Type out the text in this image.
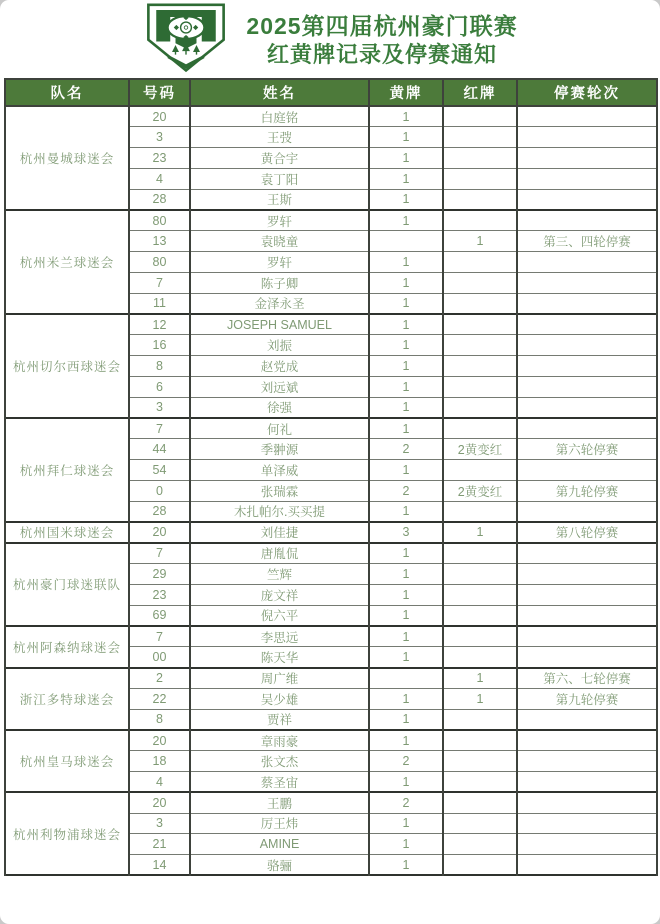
2025第四届杭州豪门联赛
红黄牌记录及停赛通知
队名	号码	姓名	黄牌	红牌	停赛轮次
杭州曼城球迷会	20	白庭铭	1		
	3	王弢	1		
	23	黄合宇	1		
	4	袁丁阳	1		
	28	王斯	1		
杭州米兰球迷会	80	罗轩	1		
	13	袁晓童		1	第三、四轮停赛
	80	罗轩	1		
	7	陈子卿	1		
	11	金泽永圣	1		
杭州切尔西球迷会	12	JOSEPH SAMUEL	1		
	16	刘振	1		
	8	赵党成	1		
	6	刘远斌	1		
	3	徐强	1		
杭州拜仁球迷会	7	何礼	1		
	44	季翀源	2	2黄变红	第六轮停赛
	54	单泽威	1		
	0	张瑞霖	2	2黄变红	第九轮停赛
	28	木扎帕尔.买买提	1		
杭州国米球迷会	20	刘佳捷	3	1	第八轮停赛
杭州豪门球迷联队	7	唐胤侃	1		
	29	竺辉	1		
	23	庞文祥	1		
	69	倪六平	1		
杭州阿森纳球迷会	7	李思远	1		
	00	陈天华	1		
浙江多特球迷会	2	周广维		1	第六、七轮停赛
	22	吴少雄	1	1	第九轮停赛
	8	贾祥	1		
杭州皇马球迷会	20	章雨豪	1		
	18	张文杰	2		
	4	蔡圣宙	1		
杭州利物浦球迷会	20	王鹏	2		
	3	厉王炜	1		
	21	AMINE	1		
	14	骆骊	1		
